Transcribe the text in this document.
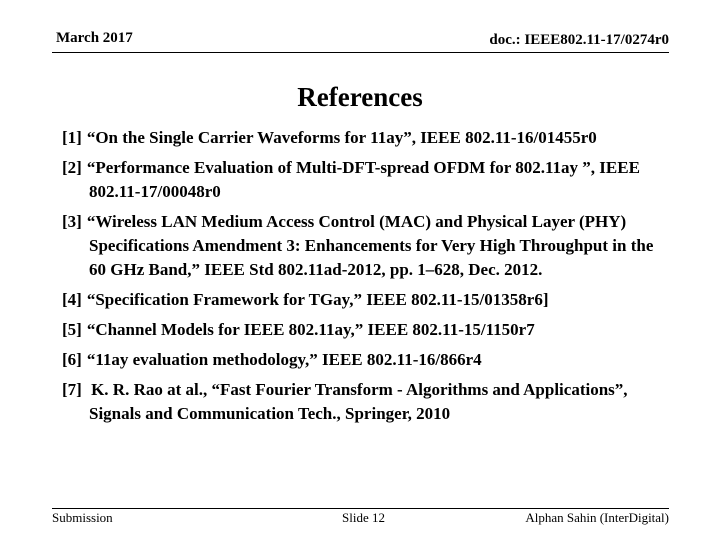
March 2017	doc.: IEEE802.11-17/0274r0
References
[1] “On the Single Carrier Waveforms for 11ay”, IEEE 802.11-16/01455r0
[2] “Performance Evaluation of Multi-DFT-spread OFDM for 802.11ay ”, IEEE 802.11-17/00048r0
[3] “Wireless LAN Medium Access Control (MAC) and Physical Layer (PHY) Specifications Amendment 3: Enhancements for Very High Throughput in the 60 GHz Band,” IEEE Std 802.11ad-2012, pp. 1–628, Dec. 2012.
[4] “Specification Framework for TGay,” IEEE 802.11-15/01358r6]
[5] “Channel Models for IEEE 802.11ay,” IEEE 802.11-15/1150r7
[6] “11ay evaluation methodology,” IEEE 802.11-16/866r4
[7] K. R. Rao at al., “Fast Fourier Transform - Algorithms and Applications”, Signals and Communication Tech., Springer, 2010
Submission	Slide 12	Alphan Sahin (InterDigital)
